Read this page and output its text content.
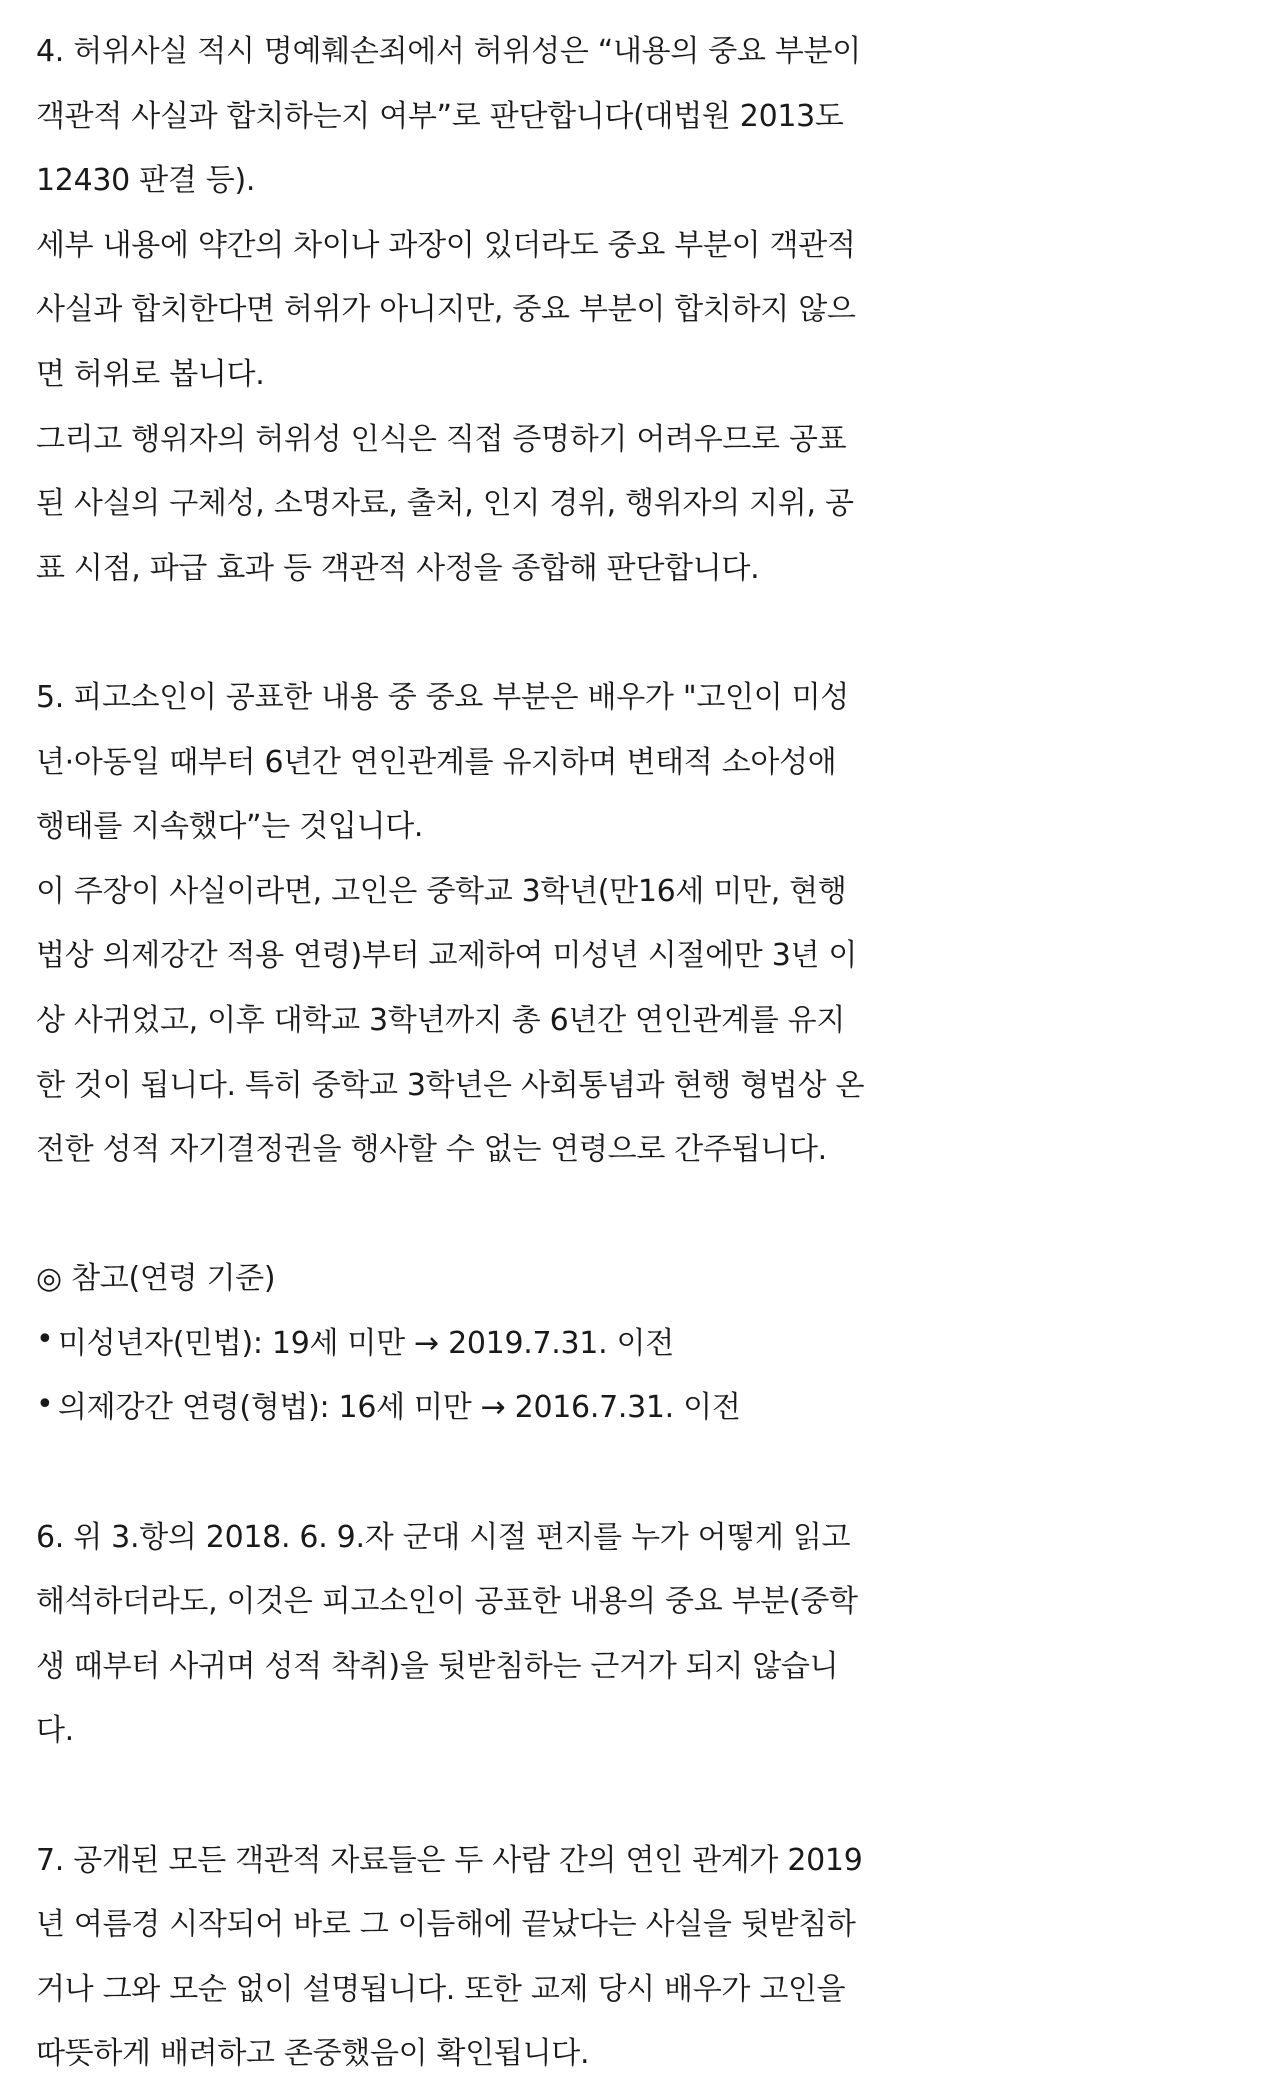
4. 허위사실 적시 명예훼손죄에서 허위성은 “내용의 중요 부분이
객관적 사실과 합치하는지 여부”로 판단합니다(대법원 2013도
12430 판결 등).
세부 내용에 약간의 차이나 과장이 있더라도 중요 부분이 객관적
사실과 합치한다면 허위가 아니지만, 중요 부분이 합치하지 않으
면 허위로 봅니다.
그리고 행위자의 허위성 인식은 직접 증명하기 어려우므로 공표
된 사실의 구체성, 소명자료, 출처, 인지 경위, 행위자의 지위, 공
표 시점, 파급 효과 등 객관적 사정을 종합해 판단합니다.
5. 피고소인이 공표한 내용 중 중요 부분은 배우가 "고인이 미성
년·아동일 때부터 6년간 연인관계를 유지하며 변태적 소아성애
행태를 지속했다”는 것입니다.
이 주장이 사실이라면, 고인은 중학교 3학년(만16세 미만, 현행
법상 의제강간 적용 연령)부터 교제하여 미성년 시절에만 3년 이
상 사귀었고, 이후 대학교 3학년까지 총 6년간 연인관계를 유지
한 것이 됩니다. 특히 중학교 3학년은 사회통념과 현행 형법상 온
전한 성적 자기결정권을 행사할 수 없는 연령으로 간주됩니다.
◎ 참고(연령 기준)
• 미성년자(민법): 19세 미만 → 2019.7.31. 이전
• 의제강간 연령(형법): 16세 미만 → 2016.7.31. 이전
6. 위 3.항의 2018. 6. 9.자 군대 시절 편지를 누가 어떻게 읽고
해석하더라도, 이것은 피고소인이 공표한 내용의 중요 부분(중학
생 때부터 사귀며 성적 착취)을 뒷받침하는 근거가 되지 않습니
다.
7. 공개된 모든 객관적 자료들은 두 사람 간의 연인 관계가 2019
년 여름경 시작되어 바로 그 이듬해에 끝났다는 사실을 뒷받침하
거나 그와 모순 없이 설명됩니다. 또한 교제 당시 배우가 고인을
따뜻하게 배려하고 존중했음이 확인됩니다.
